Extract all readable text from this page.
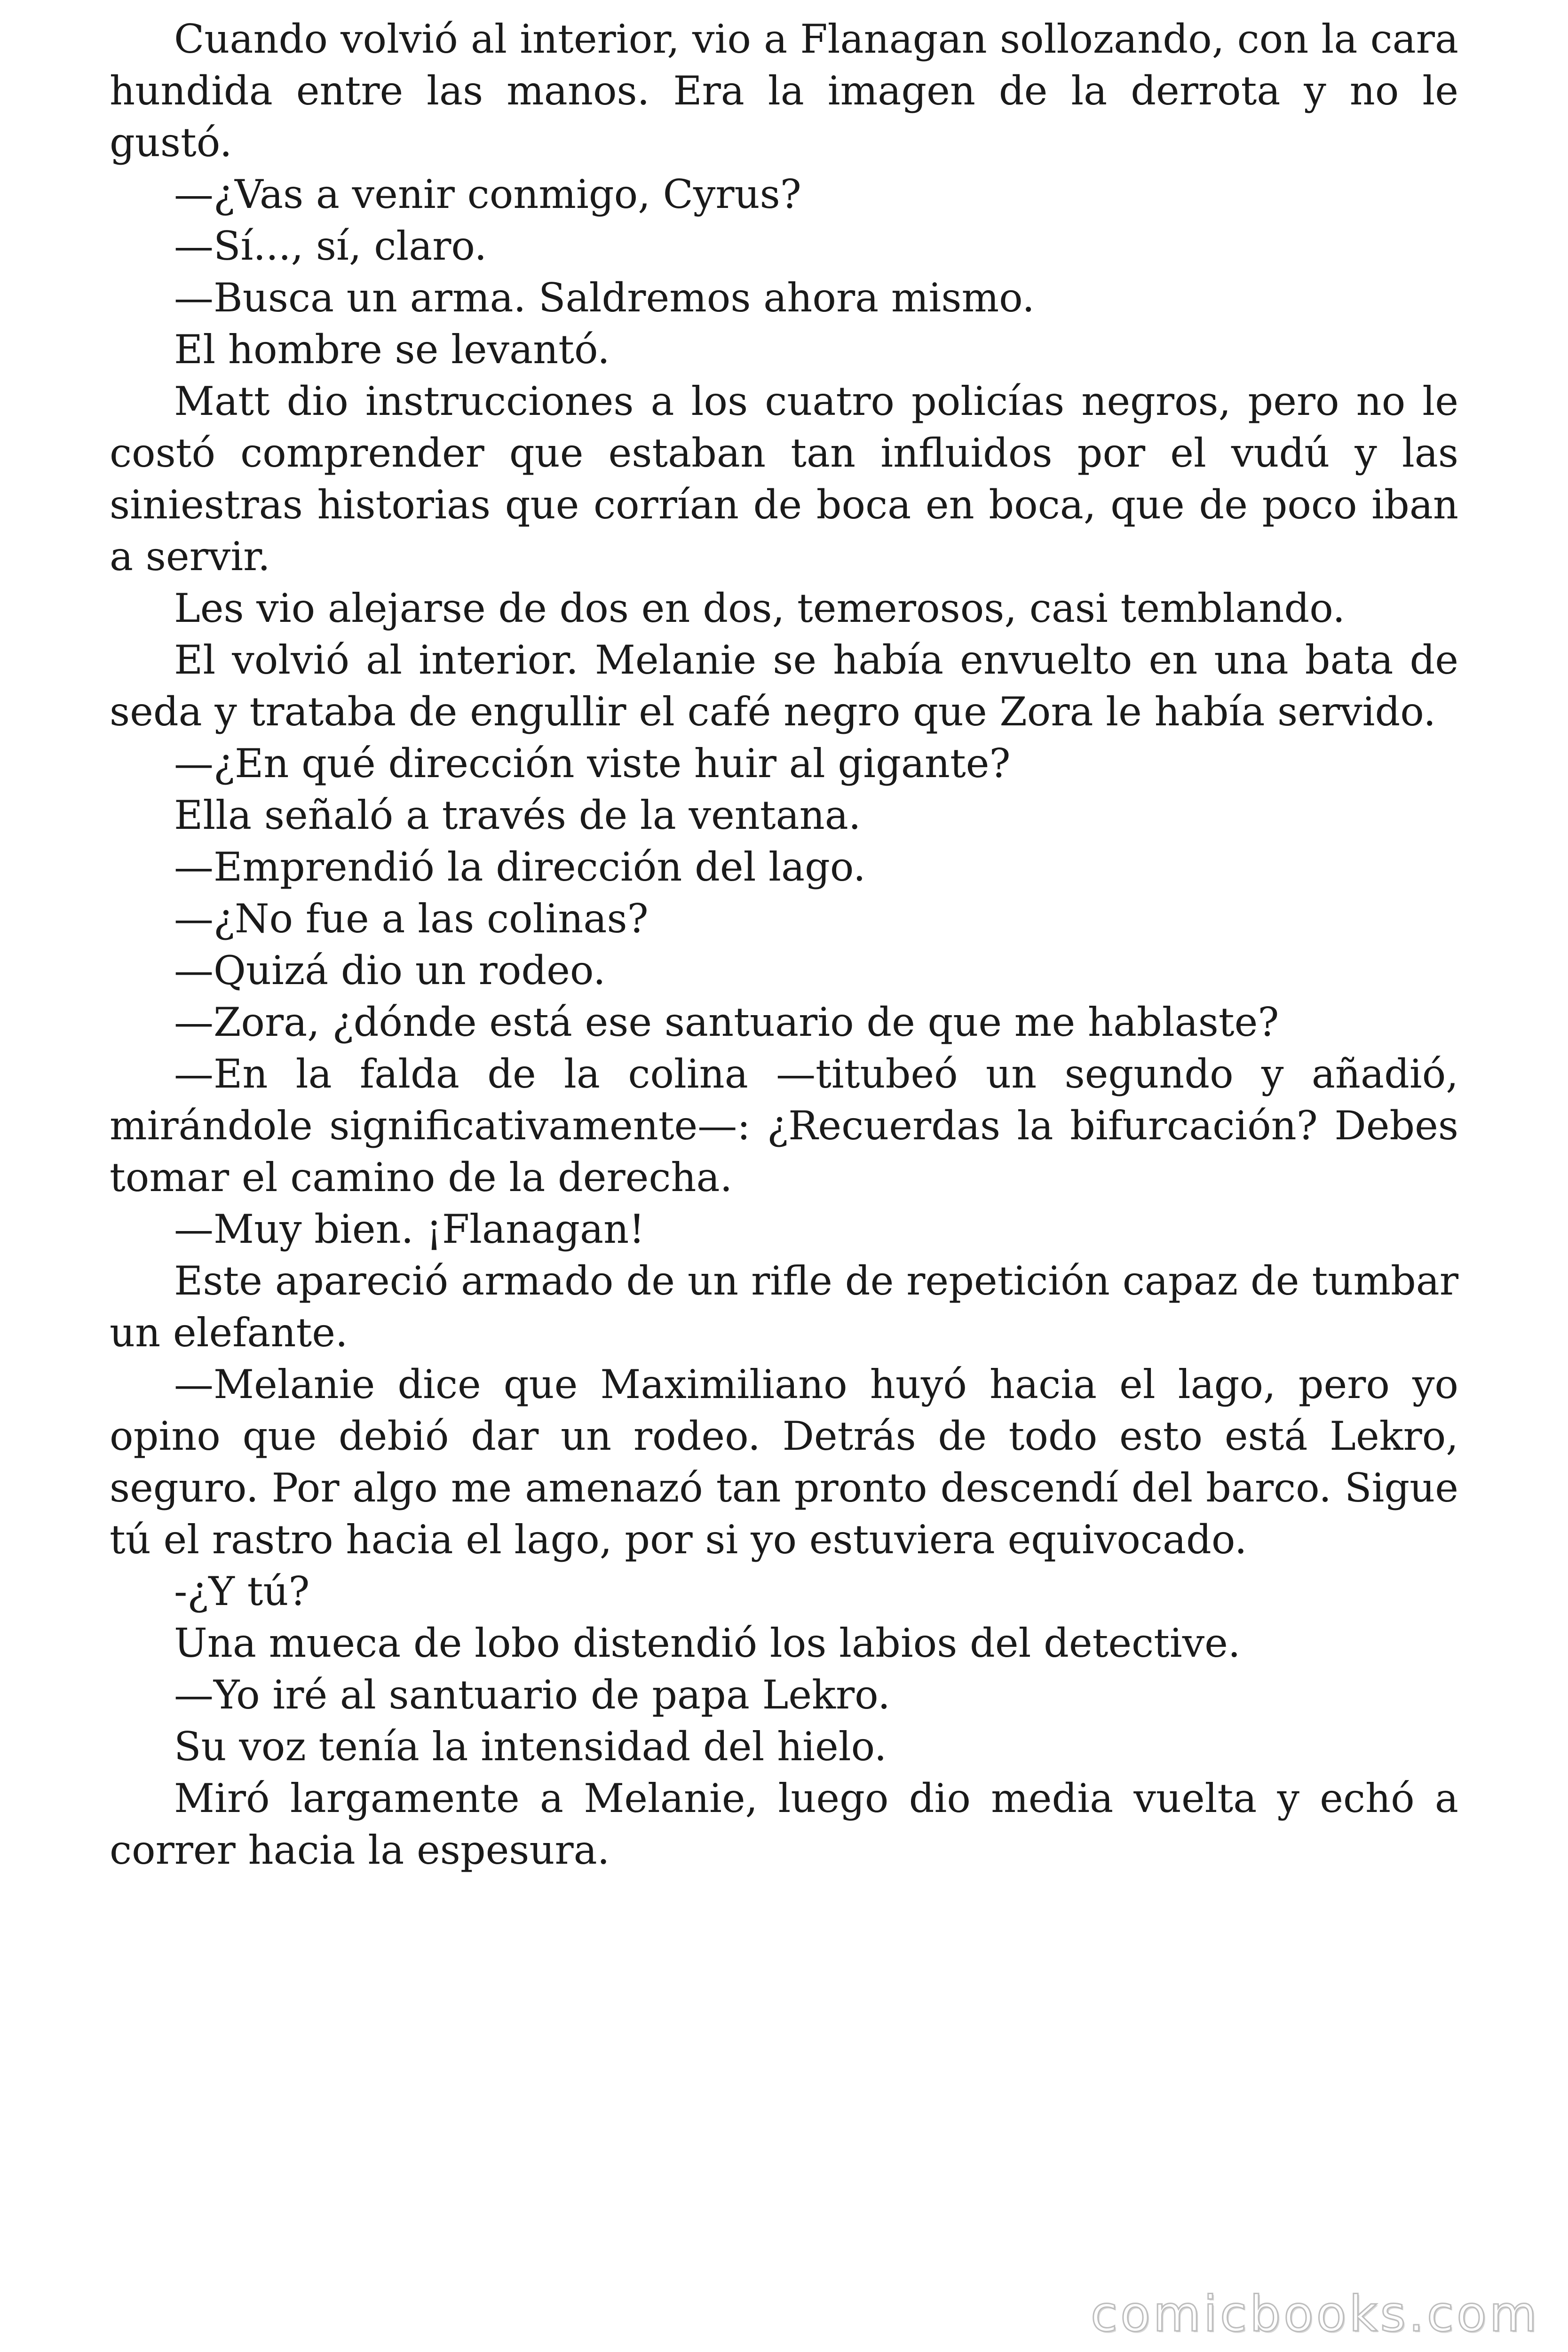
Cuando volvió al interior, vio a Flanagan sollozando, con la cara hundida entre las manos. Era la imagen de la derrota y no le gustó.

—¿Vas a venir conmigo, Cyrus?

—Sí..., sí, claro.

—Busca un arma. Saldremos ahora mismo.

El hombre se levantó.

Matt dio instrucciones a los cuatro policías negros, pero no le costó comprender que estaban tan influidos por el vudú y las siniestras historias que corrían de boca en boca, que de poco iban a servir.

Les vio alejarse de dos en dos, temerosos, casi temblando.

El volvió al interior. Melanie se había envuelto en una bata de seda y trataba de engullir el café negro que Zora le había servido.

—¿En qué dirección viste huir al gigante?

Ella señaló a través de la ventana.

—Emprendió la dirección del lago.

—¿No fue a las colinas?

—Quizá dio un rodeo.

—Zora, ¿dónde está ese santuario de que me hablaste?

—En la falda de la colina —titubeó un segundo y añadió, mirándole significativamente—: ¿Recuerdas la bifurcación? Debes tomar el camino de la derecha.

—Muy bien. ¡Flanagan!

Este apareció armado de un rifle de repetición capaz de tumbar un elefante.

—Melanie dice que Maximiliano huyó hacia el lago, pero yo opino que debió dar un rodeo. Detrás de todo esto está Lekro, seguro. Por algo me amenazó tan pronto descendí del barco. Sigue tú el rastro hacia el lago, por si yo estuviera equivocado.

-¿Y tú?

Una mueca de lobo distendió los labios del detective.

—Yo iré al santuario de papa Lekro.

Su voz tenía la intensidad del hielo.

Miró largamente a Melanie, luego dio media vuelta y echó a correr hacia la espesura.

comicbooks.com
